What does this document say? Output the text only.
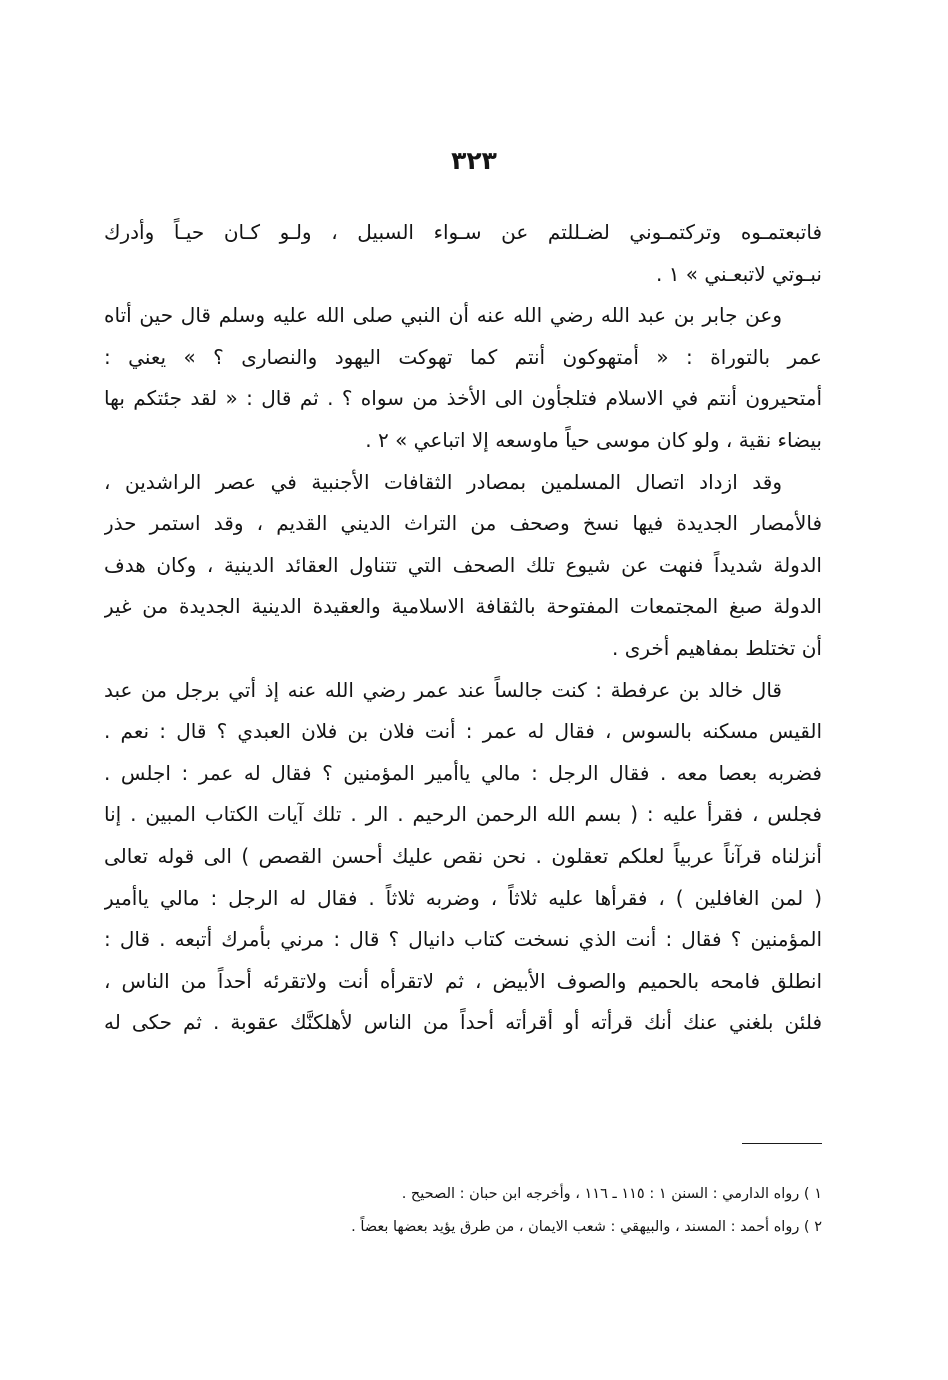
٣٢٣
فاتبعتمـوه وتركتمـوني لضـللتم عن سـواء السبيل ، ولـو كـان حيـاً وأدرك
نبـوتي لاتبعـني » ١ .
وعن جابر بن عبد الله رضي الله عنه أن النبي صلى الله عليه وسلم قال حين أتاه
عمر بالتوراة : « أمتهوكون أنتم كما تهوكت اليهود والنصارى ؟ » يعني :
أمتحيرون أنتم في الاسلام فتلجأون الى الأخذ من سواه ؟ . ثم قال : « لقد جئتكم بها
بيضاء نقية ، ولو كان موسى حياً ماوسعه إلا اتباعي » ٢ .
وقد ازداد اتصال المسلمين بمصادر الثقافات الأجنبية في عصر الراشدين ،
فالأمصار الجديدة فيها نسخ وصحف من التراث الديني القديم ، وقد استمر حذر
الدولة شديداً فنهت عن شيوع تلك الصحف التي تتناول العقائد الدينية ، وكان هدف
الدولة صبغ المجتمعات المفتوحة بالثقافة الاسلامية والعقيدة الدينية الجديدة من غير
أن تختلط بمفاهيم أخرى .
قال خالد بن عرفطة : كنت جالساً عند عمر رضي الله عنه إذ أتي برجل من عبد
القيس مسكنه بالسوس ، فقال له عمر : أنت فلان بن فلان العبدي ؟ قال : نعم .
فضربه بعصا معه . فقال الرجل : مالي ياأمير المؤمنين ؟ فقال له عمر : اجلس .
فجلس ، فقرأ عليه : ( بسم الله الرحمن الرحيم . الر . تلك آيات الكتاب المبين . إنا
أنزلناه قرآناً عربياً لعلكم تعقلون . نحن نقص عليك أحسن القصص ) الى قوله تعالى
( لمن الغافلين ) ، فقرأها عليه ثلاثاً ، وضربه ثلاثاً . فقال له الرجل : مالي ياأمير
المؤمنين ؟ فقال : أنت الذي نسخت كتاب دانيال ؟ قال : مرني بأمرك أتبعه . قال :
انطلق فامحه بالحميم والصوف الأبيض ، ثم لاتقرأه أنت ولاتقرئه أحداً من الناس ،
فلئن بلغني عنك أنك قرأته أو أقرأته أحداً من الناس لأهلكنَّك عقوبة . ثم حكى له
١ ) رواه الدارمي : السنن ١ : ١١٥ ـ ١١٦ ، وأخرجه ابن حبان : الصحيح .
٢ ) رواه أحمد : المسند ، والبيهقي : شعب الايمان ، من طرق يؤيد بعضها بعضاً .
